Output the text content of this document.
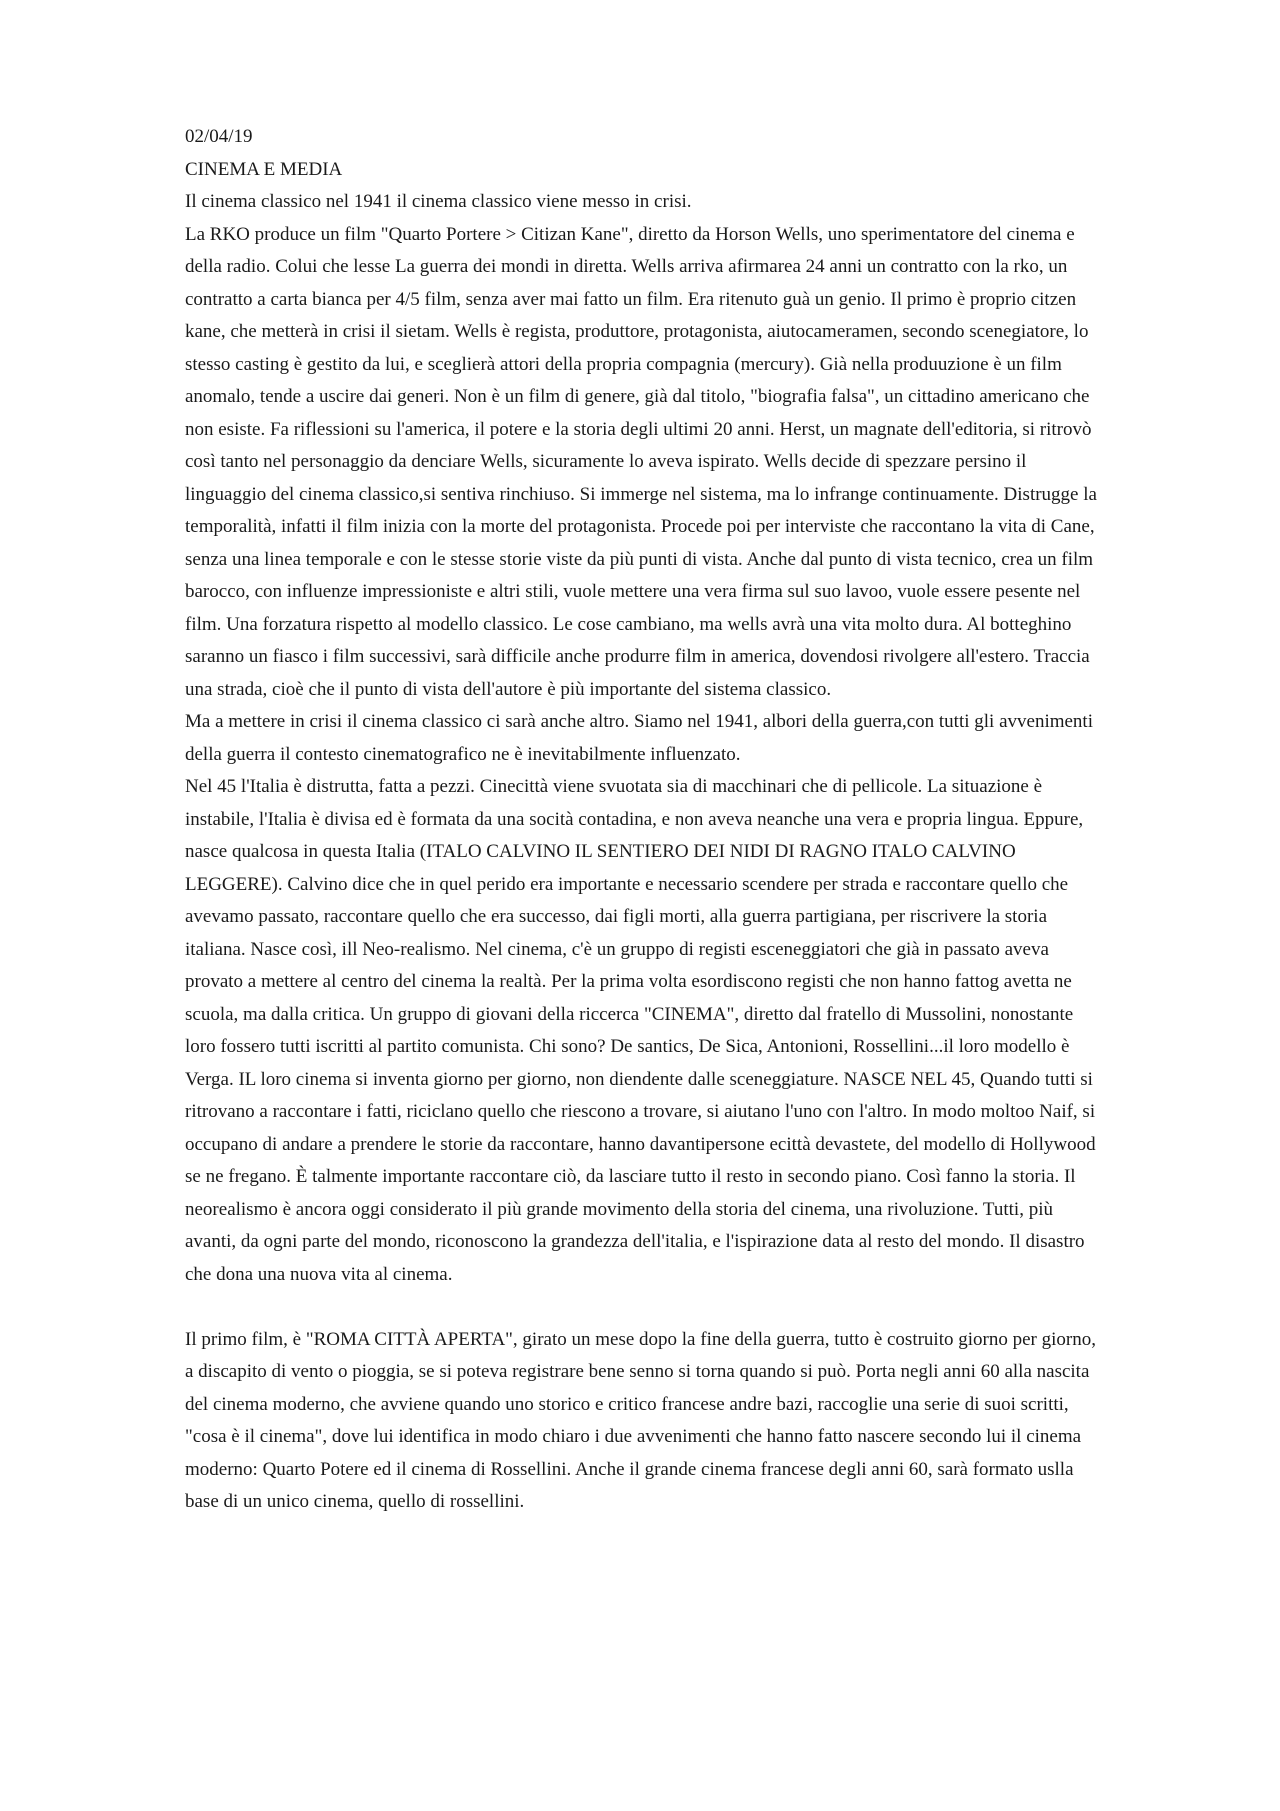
02/04/19
CINEMA E MEDIA

Il cinema classico nel 1941 il cinema classico viene messo in crisi.

La RKO produce un film "Quarto Portere > Citizan Kane", diretto da Horson Wells, uno sperimentatore del cinema e della radio. Colui che lesse La guerra dei mondi in diretta. Wells arriva afirmarea 24 anni un contratto con la rko, un contratto a carta bianca per 4/5 film, senza aver mai fatto un film. Era ritenuto guà un genio. Il primo è proprio citzen kane, che metterà in crisi il sietam. Wells è regista, produttore, protagonista, aiutocameramen, secondo scenegiatore, lo stesso casting è gestito da lui, e sceglierà attori della propria compagnia (mercury). Già nella produuzione è un film anomalo, tende a uscire dai generi. Non è un film di genere, già dal titolo, "biografia falsa", un cittadino americano che non esiste. Fa riflessioni su l'america, il potere e la storia degli ultimi 20 anni. Herst, un magnate dell'editoria, si ritrovò così tanto nel personaggio da denciare Wells, sicuramente lo aveva ispirato. Wells decide di spezzare persino il linguaggio del cinema classico,si sentiva rinchiuso. Si immerge nel sistema, ma lo infrange continuamente. Distrugge la temporalità, infatti il film inizia con la morte del protagonista. Procede poi per interviste che raccontano la vita di Cane, senza una linea temporale e con le stesse storie viste da più punti di vista. Anche dal punto di vista tecnico, crea un film barocco, con influenze impressioniste e altri stili, vuole mettere una vera firma sul suo lavoo, vuole essere pesente nel film. Una forzatura rispetto al modello classico. Le cose cambiano, ma wells avrà una vita molto dura. Al botteghino saranno un fiasco i film successivi, sarà difficile anche produrre film in america, dovendosi rivolgere all'estero. Traccia una strada, cioè che il punto di vista dell'autore è più importante del sistema classico.

Ma a mettere in crisi il cinema classico ci sarà anche altro. Siamo nel 1941, albori della guerra,con tutti gli avvenimenti della guerra il contesto cinematografico ne è inevitabilmente influenzato.

Nel 45 l'Italia è distrutta, fatta a pezzi. Cinecittà viene svuotata sia di macchinari che di pellicole. La situazione è instabile, l'Italia è divisa ed è formata da una socità contadina, e non aveva neanche una vera e propria lingua. Eppure, nasce qualcosa in questa Italia (ITALO CALVINO IL SENTIERO DEI NIDI DI RAGNO ITALO CALVINO LEGGERE). Calvino dice che in quel perido era importante e necessario scendere per strada e raccontare quello che avevamo passato, raccontare quello che era successo, dai figli morti, alla guerra partigiana, per riscrivere la storia italiana. Nasce così, ill Neo-realismo. Nel cinema, c'è un gruppo di registi esceneggiatori che già in passato aveva provato a mettere al centro del cinema la realtà. Per la prima volta esordiscono registi che non hanno fattog avetta ne scuola, ma dalla critica. Un gruppo di giovani della riccerca "CINEMA", diretto dal fratello di Mussolini, nonostante loro fossero tutti iscritti al partito comunista. Chi sono? De santics, De Sica, Antonioni, Rossellini...il loro modello è Verga. IL loro cinema si inventa giorno per giorno, non diendente dalle sceneggiature. NASCE NEL 45, Quando tutti si ritrovano a raccontare i fatti, riciclano quello che riescono a trovare, si aiutano l'uno con l'altro. In modo moltoo Naif, si occupano di andare a prendere le storie da raccontare, hanno davantipersone ecittà devastete, del modello di Hollywood se ne fregano. È talmente importante raccontare ciò, da lasciare tutto il resto in secondo piano. Così fanno la storia. Il neorealismo è ancora oggi considerato il più grande movimento della storia del cinema, una rivoluzione. Tutti, più avanti, da ogni parte del mondo, riconoscono la grandezza dell'italia, e l'ispirazione data al resto del mondo. Il disastro che dona una nuova vita al cinema.

Il primo film, è "ROMA CITTÀ APERTA", girato un mese dopo la fine della guerra, tutto è costruito giorno per giorno, a discapito di vento o pioggia, se si poteva registrare bene senno si torna quando si può. Porta negli anni 60 alla nascita del cinema moderno, che avviene quando uno storico e critico francese andre bazi, raccoglie una serie di suoi scritti, "cosa è il cinema", dove lui identifica in modo chiaro i due avvenimenti che hanno fatto nascere secondo lui il cinema moderno: Quarto Potere ed il cinema di Rossellini. Anche il grande cinema francese degli anni 60, sarà formato uslla base di un unico cinema, quello di rossellini.
